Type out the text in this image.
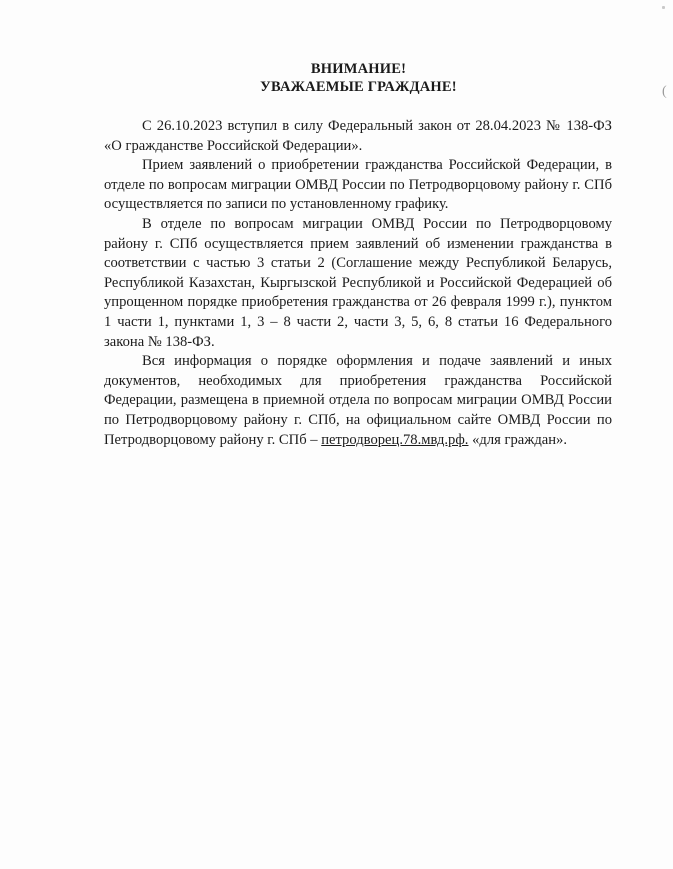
ВНИМАНИЕ!
УВАЖАЕМЫЕ ГРАЖДАНЕ!	(

С 26.10.2023 вступил в силу Федеральный закон от 28.04.2023 № 138-ФЗ «О гражданстве Российской Федерации».

Прием заявлений о приобретении гражданства Российской Федерации, в отделе по вопросам миграции ОМВД России по Петродворцовому району г. СПб осуществляется по записи по установленному графику.

В отделе по вопросам миграции ОМВД России по Петродворцовому району г. СПб осуществляется прием заявлений об изменении гражданства в соответствии с частью 3 статьи 2 (Соглашение между Республикой Беларусь, Республикой Казахстан, Кыргызской Республикой и Российской Федерацией об упрощенном порядке приобретения гражданства от 26 февраля 1999 г.), пунктом 1 части 1, пунктами 1, 3 – 8 части 2, части 3, 5, 6, 8 статьи 16 Федерального закона № 138-ФЗ.

Вся информация о порядке оформления и подаче заявлений и иных документов, необходимых для приобретения гражданства Российской Федерации, размещена в приемной отдела по вопросам миграции ОМВД России по Петродворцовому району г. СПб, на официальном сайте ОМВД России по Петродворцовому району г. СПб – петродворец.78.мвд.рф. «для граждан».
